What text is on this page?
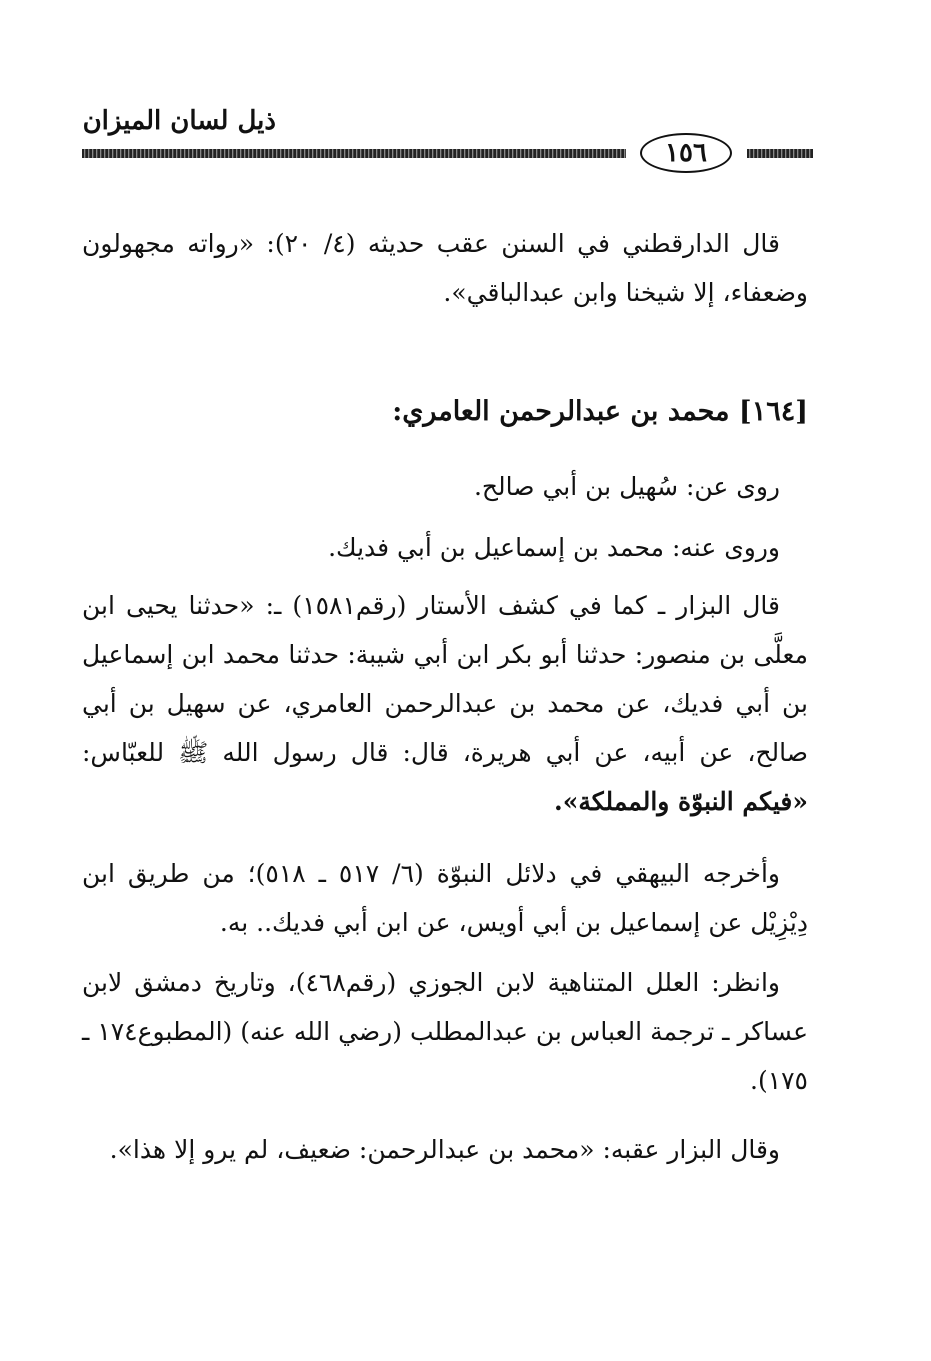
ذيل لسان الميزان
١٥٦
قال الدارقطني في السنن عقب حديثه (٤/ ٢٠): «رواته مجهولون وضعفاء، إلا شيخنا وابن عبدالباقي».
[١٦٤] محمد بن عبدالرحمن العامري:
روى عن: سُهيل بن أبي صالح.
وروى عنه: محمد بن إسماعيل بن أبي فديك.
قال البزار ـ كما في كشف الأستار (رقم١٥٨١) ـ: «حدثنا يحيى ابن معلَّى بن منصور: حدثنا أبو بكر ابن أبي شيبة: حدثنا محمد ابن إسماعيل بن أبي فديك، عن محمد بن عبدالرحمن العامري، عن سهيل بن أبي صالح، عن أبيه، عن أبي هريرة، قال: قال رسول الله ﷺ للعبّاس: «فيكم النبوّة والمملكة».
وأخرجه البيهقي في دلائل النبوّة (٦/ ٥١٧ ـ ٥١٨)؛ من طريق ابن دِيْزِيْل عن إسماعيل بن أبي أويس، عن ابن أبي فديك.. به.
وانظر: العلل المتناهية لابن الجوزي (رقم٤٦٨)، وتاريخ دمشق لابن عساكر ـ ترجمة العباس بن عبدالمطلب (رضي الله عنه) (المطبوع١٧٤ ـ ١٧٥).
وقال البزار عقبه: «محمد بن عبدالرحمن: ضعيف، لم يرو إلا هذا».
